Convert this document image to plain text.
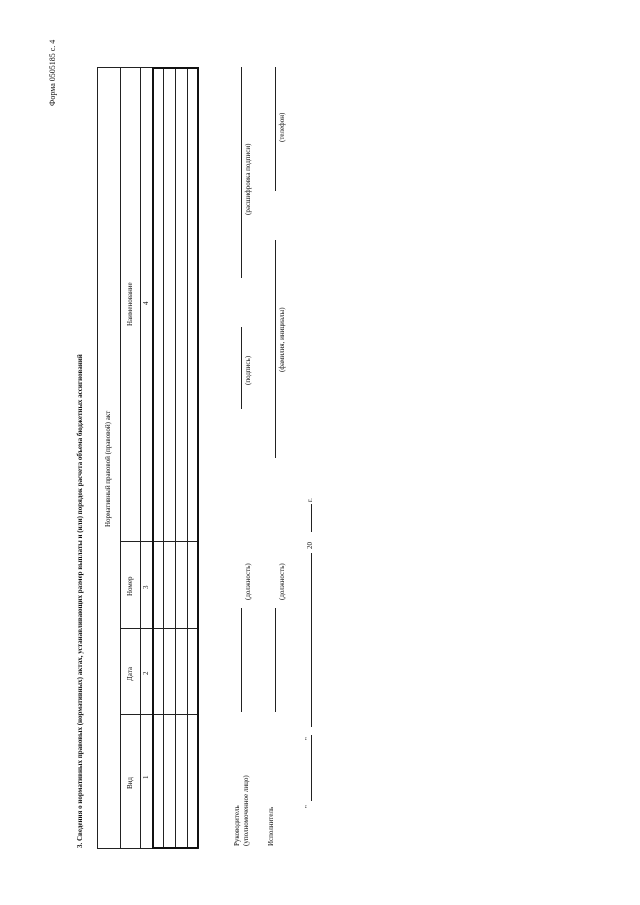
Форма 0505185 с. 4
3. Сведения о нормативных правовых (нормативных) актах, устанавливающих размер выплаты и (или) порядок расчета объема бюджетных ассигнований	Нормативный правовой (правовой) акт
Вид
Дата
Номер
Наименование
1
2
3
4
Руководитель (уполномоченное лицо)
(должность)
(подпись)
(расшифровка подписи)
Исполнитель
(должность)
(фамилия, инициалы)
(телефон)
"
"
20
г.
